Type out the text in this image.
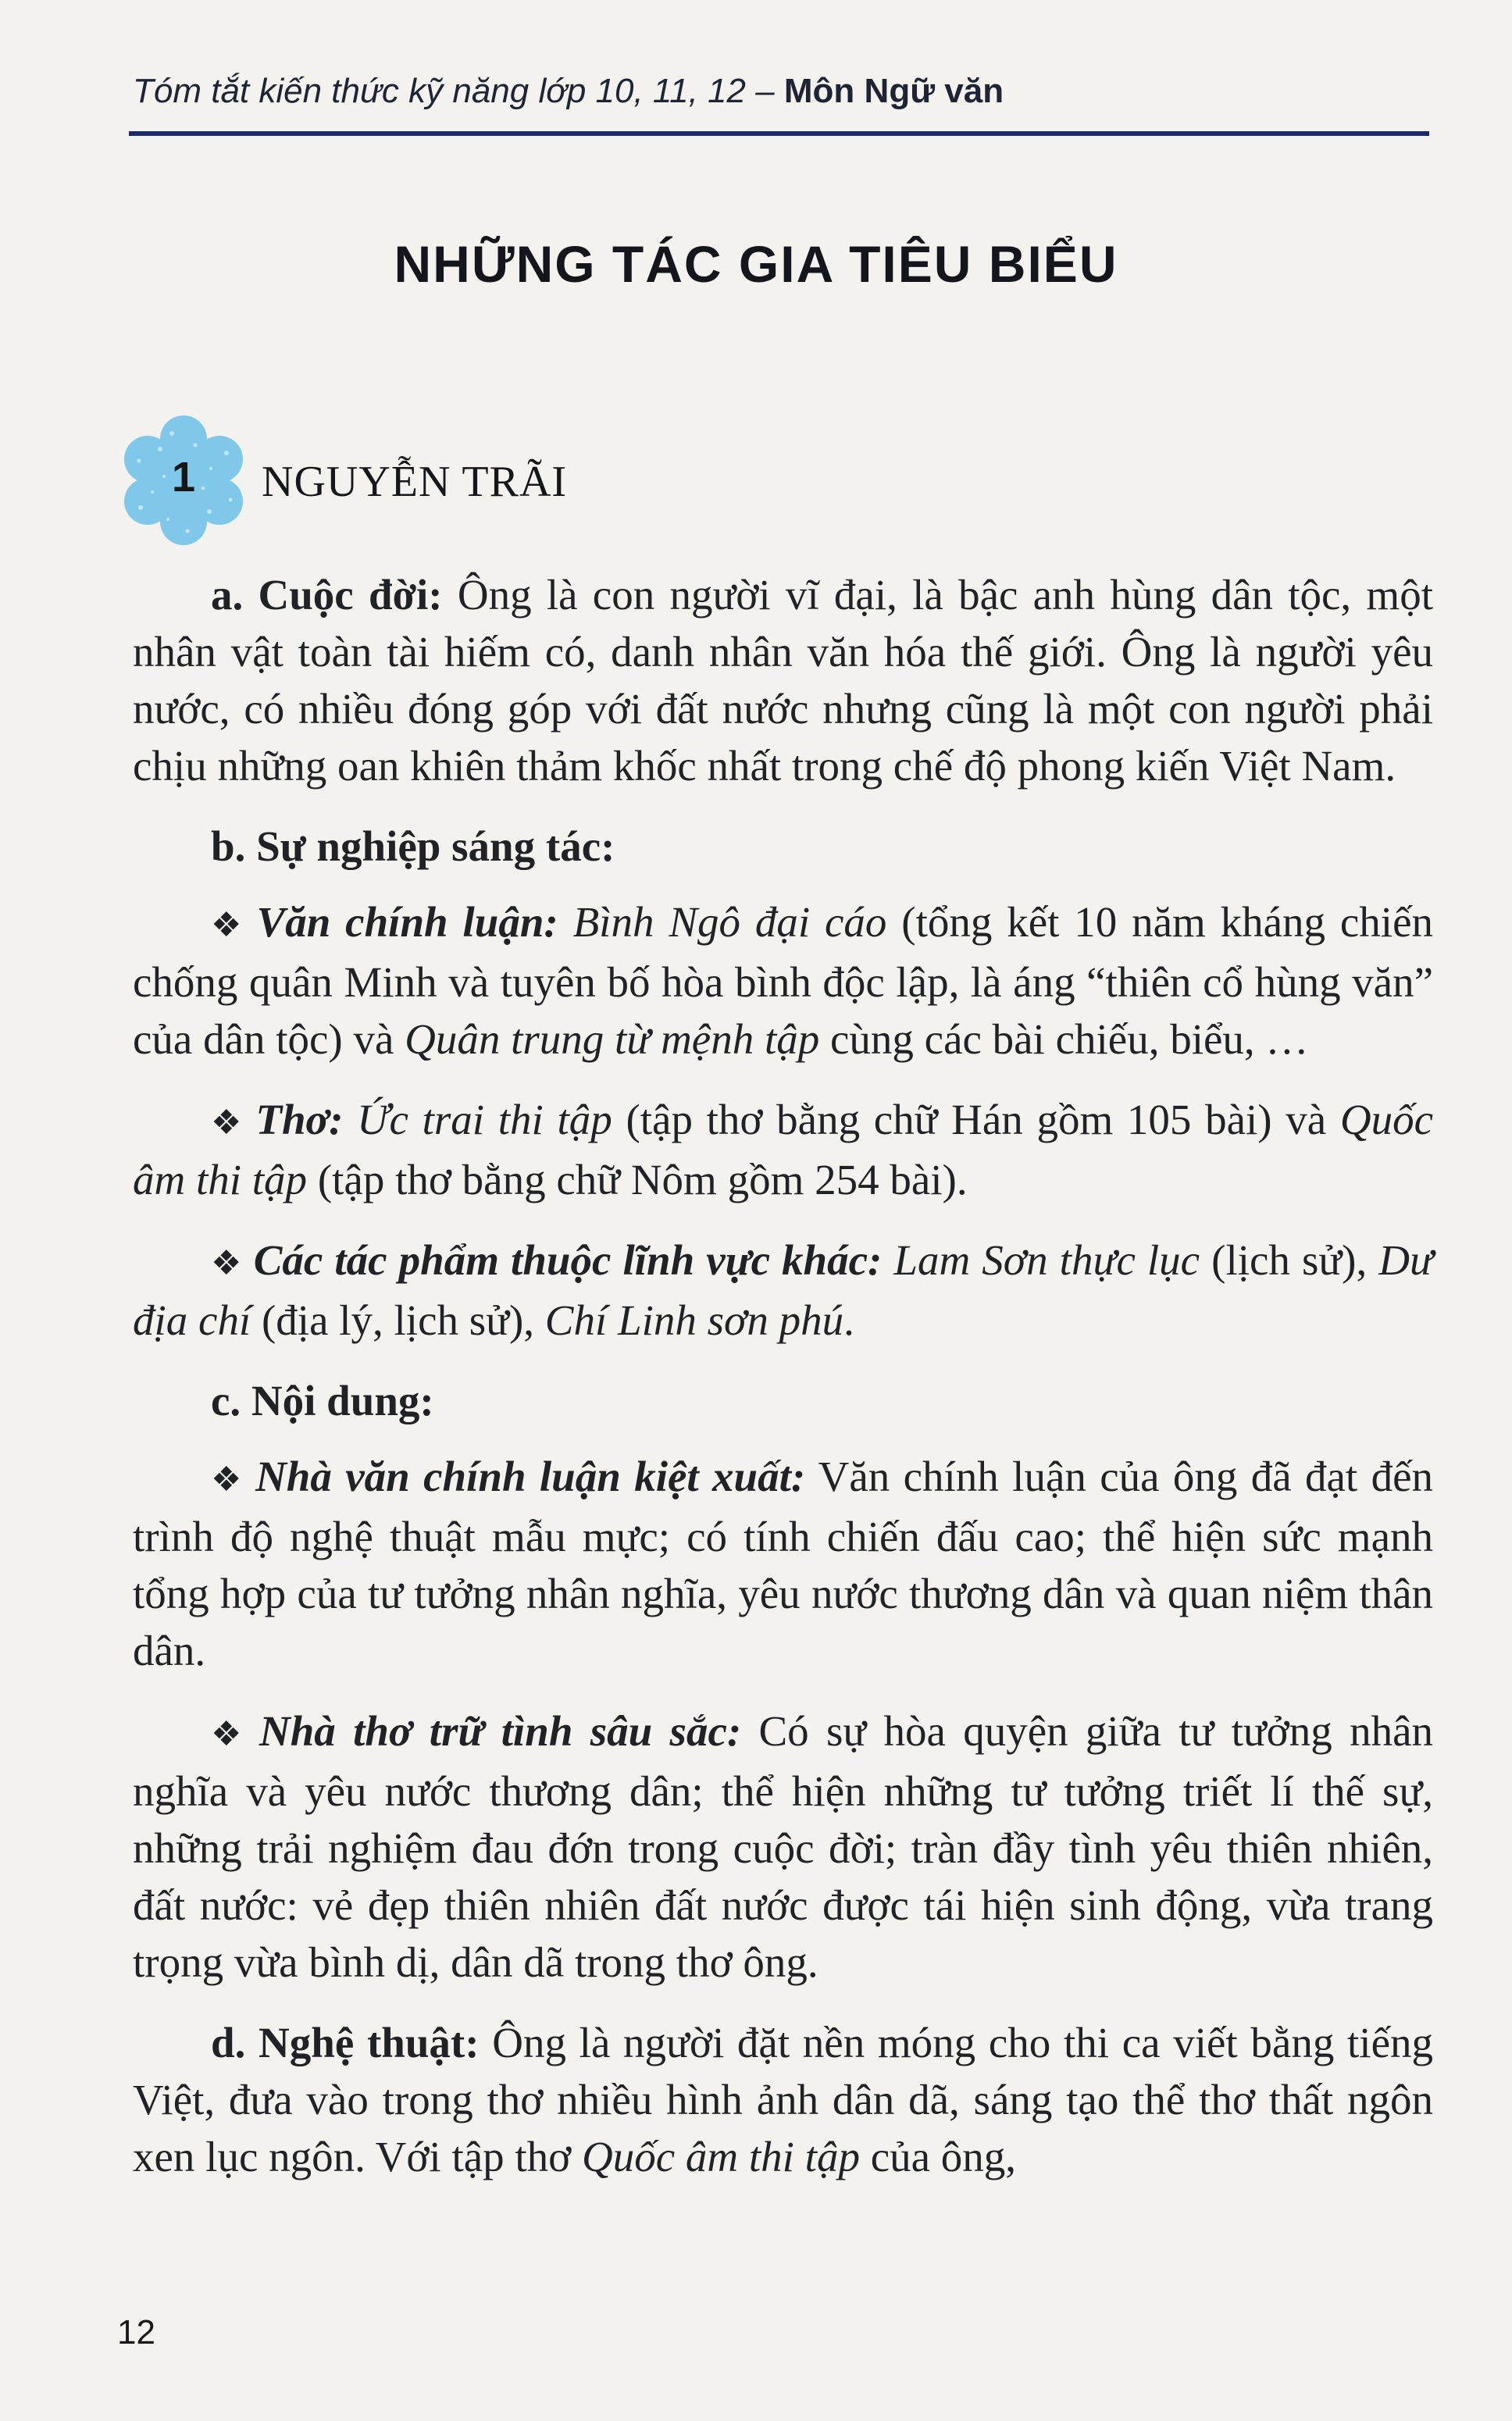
Tóm tắt kiến thức kỹ năng lớp 10, 11, 12 – Môn Ngữ văn
NHỮNG TÁC GIA TIÊU BIỂU
1	NGUYỄN TRÃI

a. Cuộc đời: Ông là con người vĩ đại, là bậc anh hùng dân tộc, một nhân vật toàn tài hiếm có, danh nhân văn hóa thế giới. Ông là người yêu nước, có nhiều đóng góp với đất nước nhưng cũng là một con người phải chịu những oan khiên thảm khốc nhất trong chế độ phong kiến Việt Nam.

b. Sự nghiệp sáng tác:

❖ Văn chính luận: Bình Ngô đại cáo (tổng kết 10 năm kháng chiến chống quân Minh và tuyên bố hòa bình độc lập, là áng “thiên cổ hùng văn” của dân tộc) và Quân trung từ mệnh tập cùng các bài chiếu, biểu, …

❖ Thơ: Ức trai thi tập (tập thơ bằng chữ Hán gồm 105 bài) và Quốc âm thi tập (tập thơ bằng chữ Nôm gồm 254 bài).

❖ Các tác phẩm thuộc lĩnh vực khác: Lam Sơn thực lục (lịch sử), Dư địa chí (địa lý, lịch sử), Chí Linh sơn phú.

c. Nội dung:

❖ Nhà văn chính luận kiệt xuất: Văn chính luận của ông đã đạt đến trình độ nghệ thuật mẫu mực; có tính chiến đấu cao; thể hiện sức mạnh tổng hợp của tư tưởng nhân nghĩa, yêu nước thương dân và quan niệm thân dân.

❖ Nhà thơ trữ tình sâu sắc: Có sự hòa quyện giữa tư tưởng nhân nghĩa và yêu nước thương dân; thể hiện những tư tưởng triết lí thế sự, những trải nghiệm đau đớn trong cuộc đời; tràn đầy tình yêu thiên nhiên, đất nước: vẻ đẹp thiên nhiên đất nước được tái hiện sinh động, vừa trang trọng vừa bình dị, dân dã trong thơ ông.

d. Nghệ thuật: Ông là người đặt nền móng cho thi ca viết bằng tiếng Việt, đưa vào trong thơ nhiều hình ảnh dân dã, sáng tạo thể thơ thất ngôn xen lục ngôn. Với tập thơ Quốc âm thi tập của ông,

12
